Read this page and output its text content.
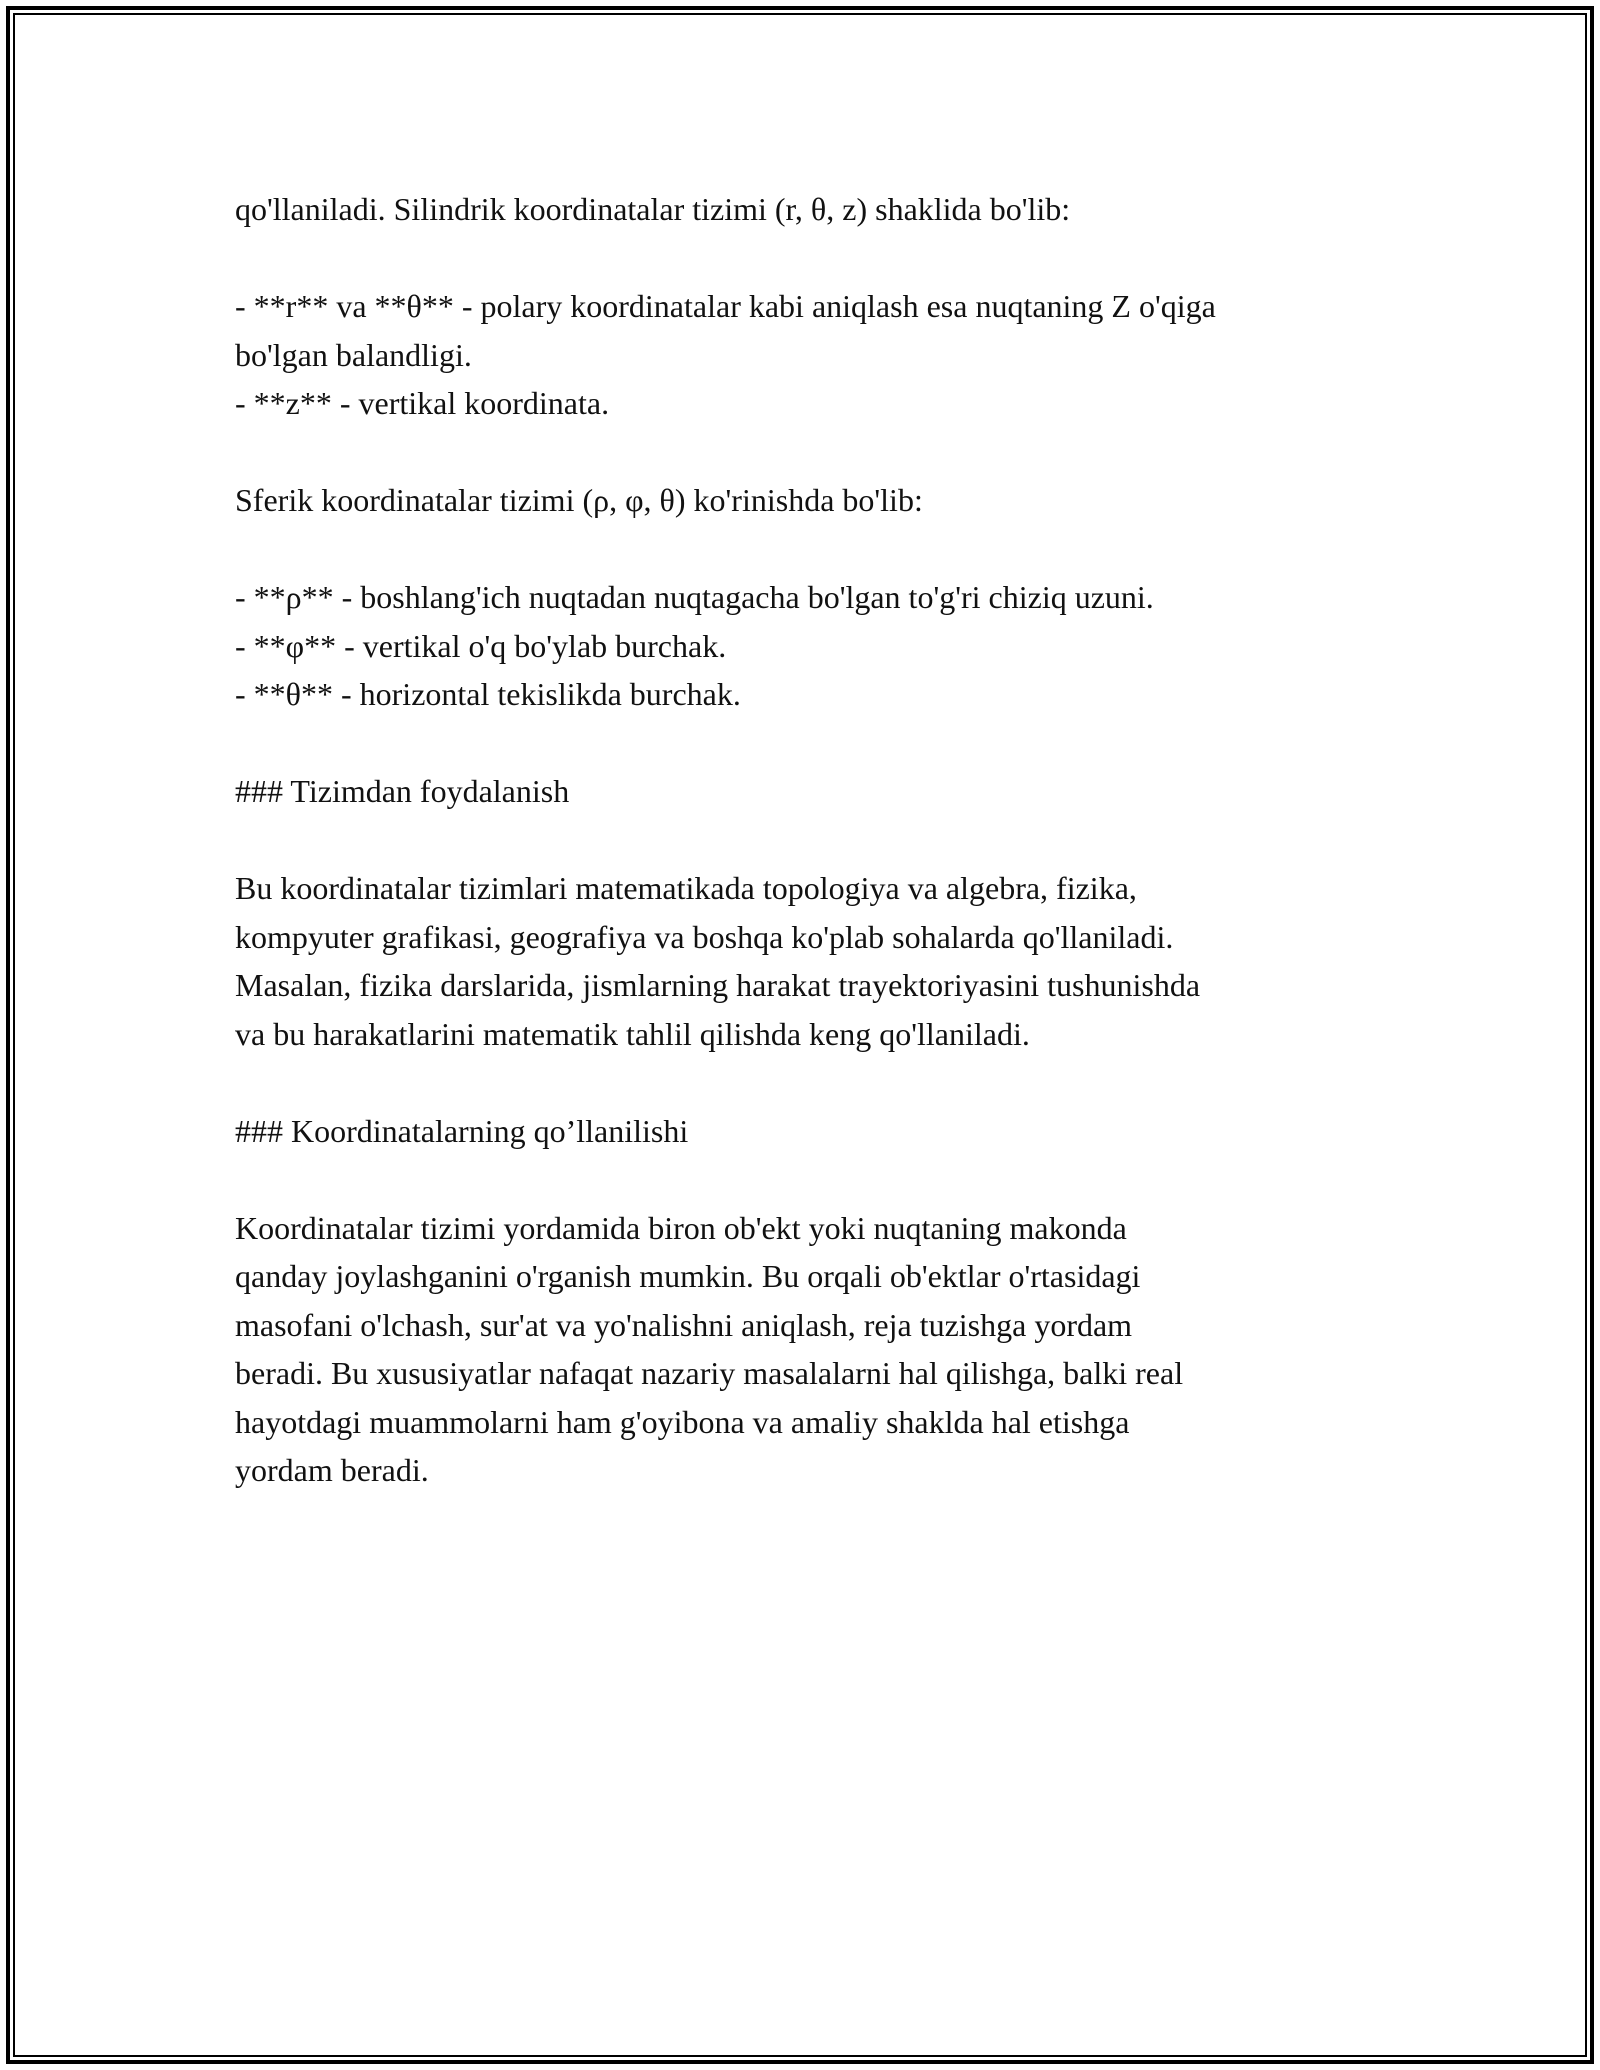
qo'llaniladi. Silindrik koordinatalar tizimi (r, θ, z) shaklida bo'lib:
- **r** va **θ** - polary koordinatalar kabi aniqlash esa nuqtaning Z o'qiga
bo'lgan balandligi.
- **z** - vertikal koordinata.
Sferik koordinatalar tizimi (ρ, φ, θ) ko'rinishda bo'lib:
- **ρ** - boshlang'ich nuqtadan nuqtagacha bo'lgan to'g'ri chiziq uzuni.
- **φ** - vertikal o'q bo'ylab burchak.
- **θ** - horizontal tekislikda burchak.
### Tizimdan foydalanish
Bu koordinatalar tizimlari matematikada topologiya va algebra, fizika,
kompyuter grafikasi, geografiya va boshqa ko'plab sohalarda qo'llaniladi.
Masalan, fizika darslarida, jismlarning harakat trayektoriyasini tushunishda
va bu harakatlarini matematik tahlil qilishda keng qo'llaniladi.
### Koordinatalarning qo’llanilishi
Koordinatalar tizimi yordamida biron ob'ekt yoki nuqtaning makonda
qanday joylashganini o'rganish mumkin. Bu orqali ob'ektlar o'rtasidagi
masofani o'lchash, sur'at va yo'nalishni aniqlash, reja tuzishga yordam
beradi. Bu xususiyatlar nafaqat nazariy masalalarni hal qilishga, balki real
hayotdagi muammolarni ham g'oyibona va amaliy shaklda hal etishga
yordam beradi.
